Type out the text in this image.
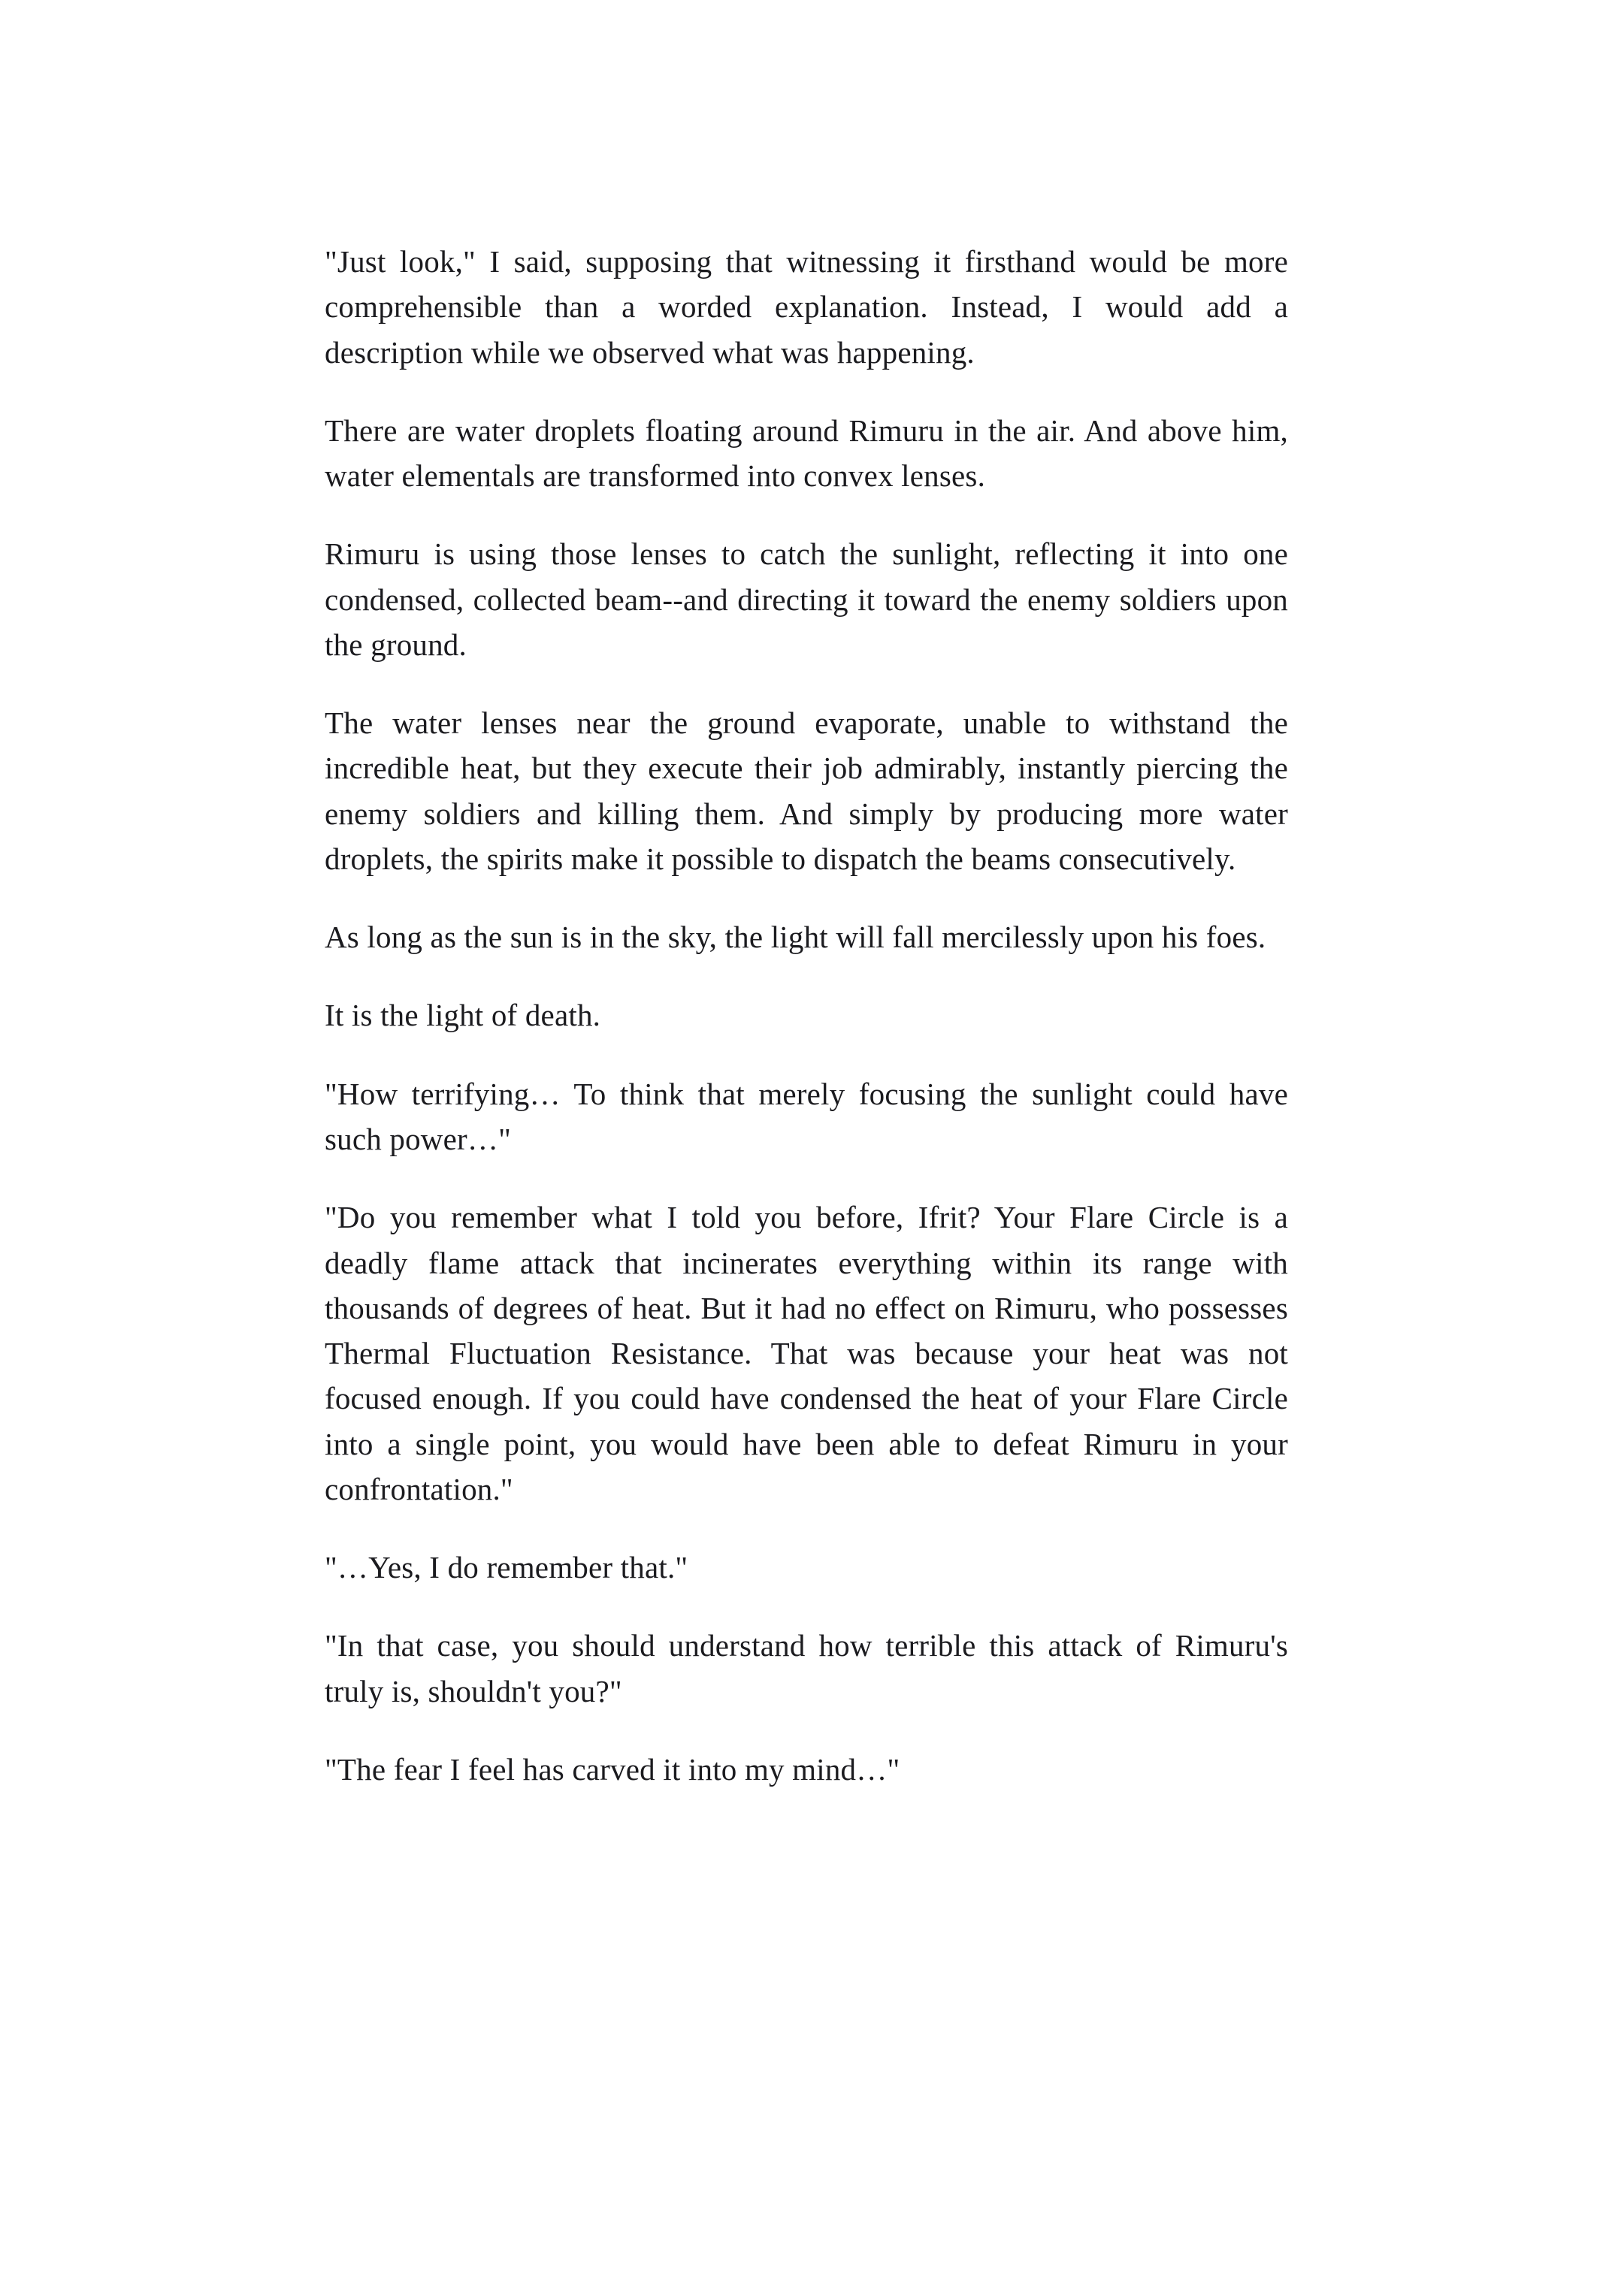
"Just look," I said, supposing that witnessing it firsthand would be more comprehensible than a worded explanation. Instead, I would add a description while we observed what was happening.

There are water droplets floating around Rimuru in the air. And above him, water elementals are transformed into convex lenses.

Rimuru is using those lenses to catch the sunlight, reflecting it into one condensed, collected beam--and directing it toward the enemy soldiers upon the ground.

The water lenses near the ground evaporate, unable to withstand the incredible heat, but they execute their job admirably, instantly piercing the enemy soldiers and killing them. And simply by producing more water droplets, the spirits make it possible to dispatch the beams consecutively.

As long as the sun is in the sky, the light will fall mercilessly upon his foes.

It is the light of death.

"How terrifying… To think that merely focusing the sunlight could have such power…"

"Do you remember what I told you before, Ifrit? Your Flare Circle is a deadly flame attack that incinerates everything within its range with thousands of degrees of heat. But it had no effect on Rimuru, who possesses Thermal Fluctuation Resistance. That was because your heat was not focused enough. If you could have condensed the heat of your Flare Circle into a single point, you would have been able to defeat Rimuru in your confrontation."

"…Yes, I do remember that."

"In that case, you should understand how terrible this attack of Rimuru's truly is, shouldn't you?"

"The fear I feel has carved it into my mind…"
